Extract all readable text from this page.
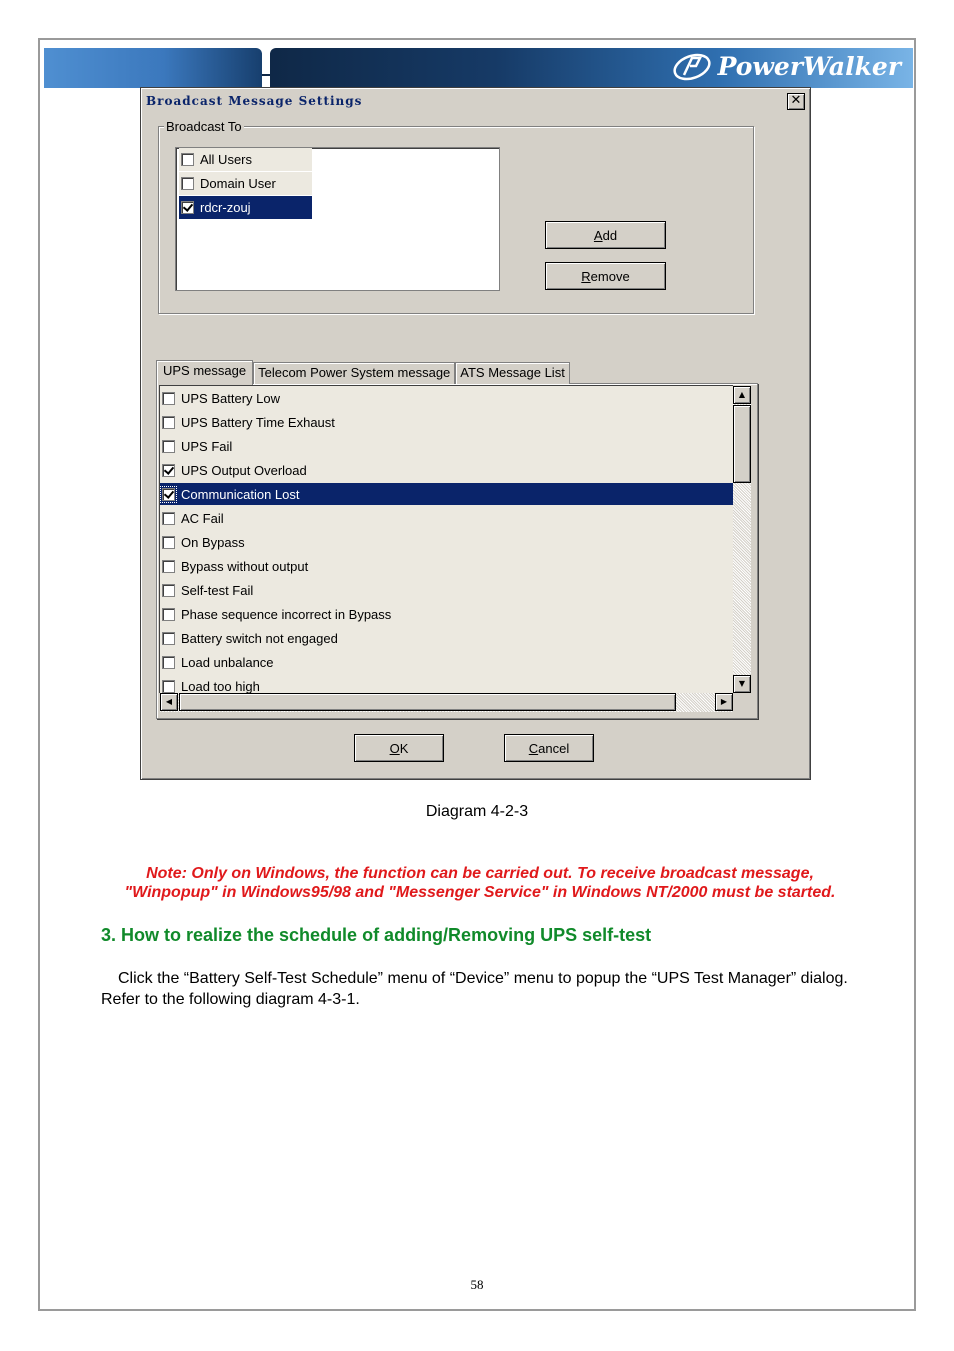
PowerWalker
Broadcast Message Settings	✕
Broadcast To
All Users
Domain User
rdcr-zouj
A dd
R emove
UPS message Telecom Power System message ATS Message List
UPS Battery Low
UPS Battery Time Exhaust
UPS Fail
UPS Output Overload
Communication Lost
AC Fail
On Bypass
Bypass without output
Self-test Fail
Phase sequence incorrect in Bypass
Battery switch not engaged
Load unbalance
Load too high
▲
▼
◀	▶
O K	C ancel
Diagram 4-2-3
Note: Only on Windows, the function can be carried out. To receive broadcast message,
"Winpopup" in Windows95/98 and "Messenger Service" in Windows NT/2000 must be started.
3. How to realize the schedule of adding/Removing UPS self-test
Click the “Battery Self-Test Schedule” menu of “Device” menu to popup the “UPS Test Manager” dialog. Refer to the following diagram 4-3-1.
58
